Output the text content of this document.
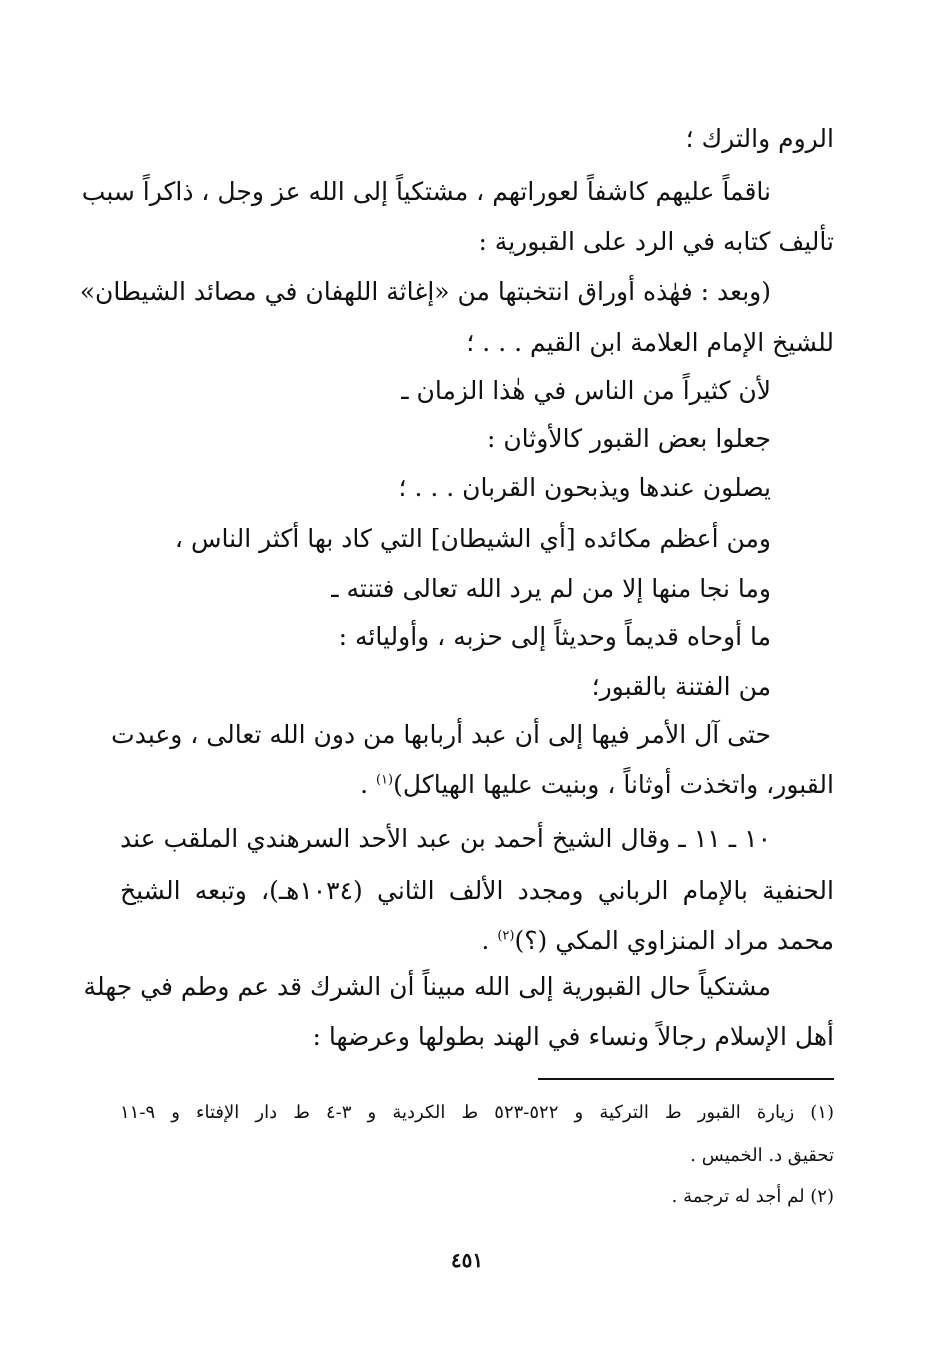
الروم والترك ؛
ناقماً عليهم كاشفاً لعوراتهم ، مشتكياً إلى الله عز وجل ، ذاكراً سبب
تأليف كتابه في الرد على القبورية :
(وبعد : فهٰذه أوراق انتخبتها من «إغاثة اللهفان في مصائد الشيطان»
للشيخ الإمام العلامة ابن القيم . . . ؛
لأن كثيراً من الناس في هٰذا الزمان ـ
جعلوا بعض القبور كالأوثان :
يصلون عندها ويذبحون القربان . . . ؛
ومن أعظم مكائده [أي الشيطان] التي كاد بها أكثر الناس ،
وما نجا منها إلا من لم يرد الله تعالى فتنته ـ
ما أوحاه قديماً وحديثاً إلى حزبه ، وأوليائه :
من الفتنة بالقبور؛
حتى آل الأمر فيها إلى أن عبد أربابها من دون الله تعالى ، وعبدت
القبور، واتخذت أوثاناً ، وبنيت عليها الهياكل)$^{(١)}$ .
١٠ ـ ١١ ـ وقال الشيخ أحمد بن عبد الأحد السرهندي الملقب عند
الحنفية بالإمام الرباني ومجدد الألف الثاني (١٠٣٤هـ)، وتبعه الشيخ
محمد مراد المنزاوي المكي (؟)$^{(٢)}$ .
مشتكياً حال القبورية إلى الله مبيناً أن الشرك قد عم وطم في جهلة
أهل الإسلام رجالاً ونساء في الهند بطولها وعرضها :
(١) زيارة القبور ط التركية و ٥٢٢-٥٢٣ ط الكردية و ٣-٤ ط دار الإفتاء و ٩-١١
تحقيق د. الخميس .
(٢) لم أجد له ترجمة .
٤٥١
